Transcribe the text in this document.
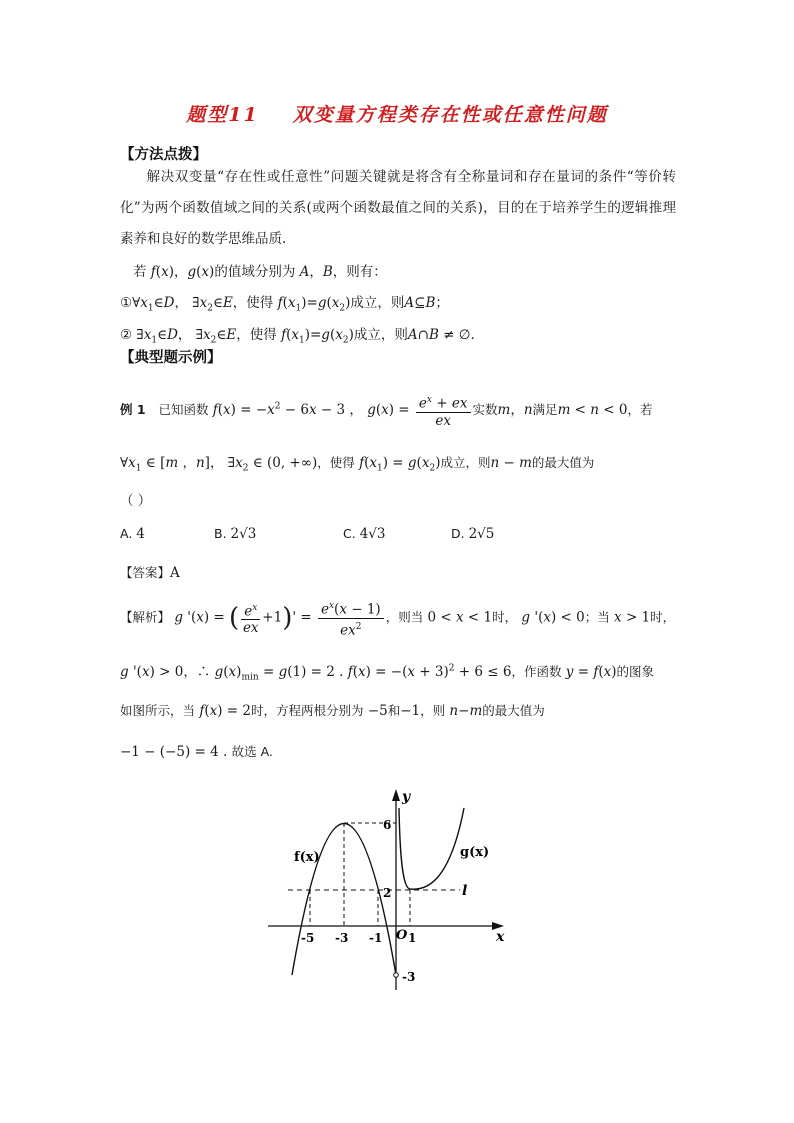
题型11 双变量方程类存在性或任意性问题
【方法点拨】
解决双变量“存在性或任意性”问题关键就是将含有全称量词和存在量词的条件“等价转化”为两个函数值域之间的关系(或两个函数最值之间的关系)，目的在于培养学生的逻辑推理素养和良好的数学思维品质.
若 f(x)，g(x)的值域分别为 A，B，则有：
$①\forall x_1\in D$， $\exists x_2\in E$，使得 $f(x_1)=g(x_2)$成立，则A⊆B；
② $\exists x_1\in D$， $\exists x_2\in E$，使得 $f(x_1)=g(x_2)$成立，则A∩B ≠ ∅.
【典型题示例】
例 1 已知函数 $f(x) = -x^2 - 6x - 3$ ， $g(x) = \frac{e^x + ex}{ex}$ 实数m，n满足m < n < 0，若
$\forall x_1$ ∈ [m ，n]， $\exists x_2$ ∈ (0, +∞)，使得 $f(x_1) = g(x_2)$成立，则n − m的最大值为
（ ）
A. 4	B. 2√3	C. 4√3	D. 2√5
【答案】A
【解析】 g '(x) = ( $\frac{e^x}{ex} +1)' = \frac{e^x(x - 1)}{ex^2}$ ，则当 0 < x < 1时， g '(x) < 0；当 x > 1时，
g '(x) > 0，∴ $g(x)_{min} = g(1) = 2$ . $f(x) = -(x + 3)^2 + 6 \le 6$，作函数 y = f(x)的图象
如图所示，当 f(x) = 2时，方程两根分别为 −5和−1，则 n−m的最大值为
−1 − (−5) = 4 . 故选 A.
y
x
O
-5 -3 -1 1
6
2
-3
f(x)	g(x)
l
